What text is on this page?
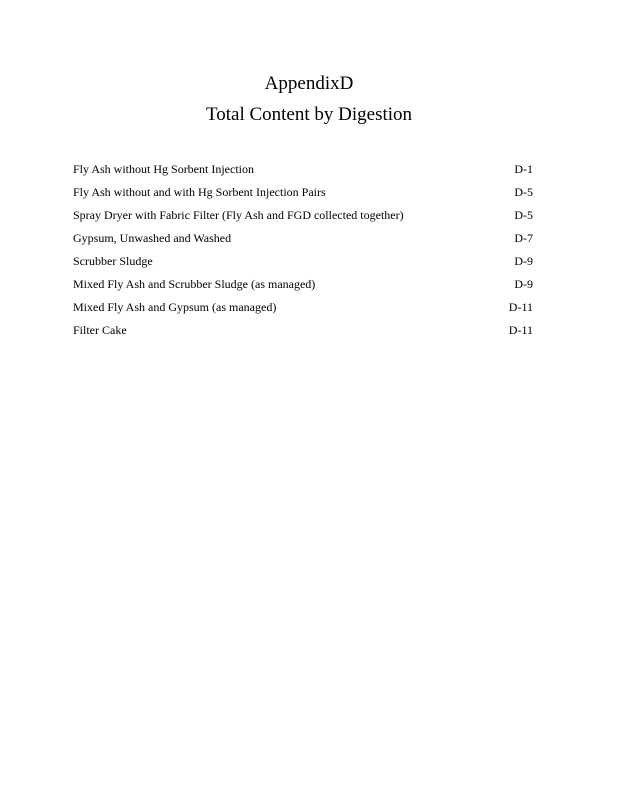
AppendixD
Total Content by Digestion
Fly Ash without Hg Sorbent Injection	D-1
Fly Ash without and with Hg Sorbent Injection Pairs	D-5
Spray Dryer with Fabric Filter (Fly Ash and FGD collected together)	D-5
Gypsum, Unwashed and Washed	D-7
Scrubber Sludge	D-9
Mixed Fly Ash and Scrubber Sludge (as managed)	D-9
Mixed Fly Ash and Gypsum (as managed)	D-11
Filter Cake	D-11
